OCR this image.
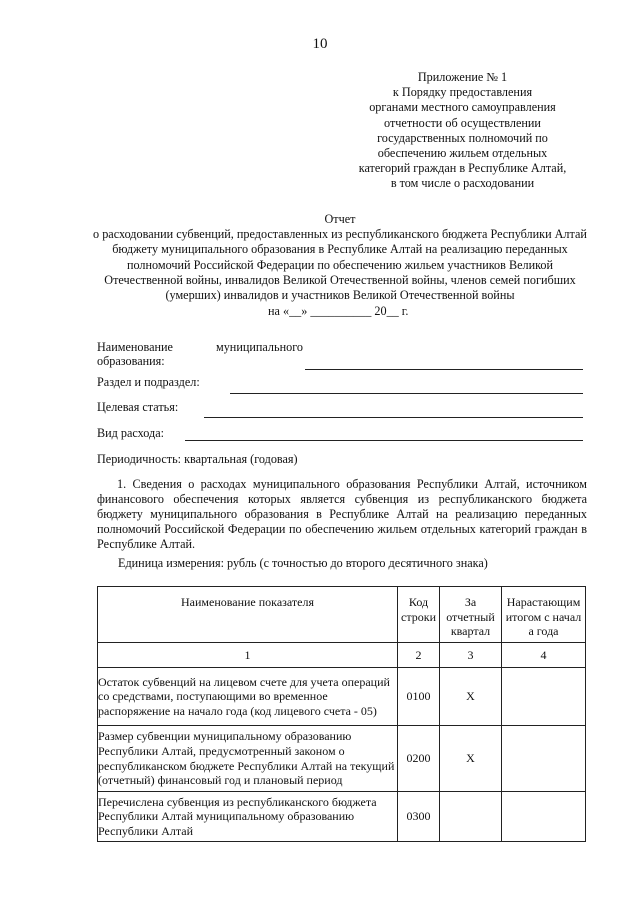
10
Приложение № 1
к Порядку предоставления
органами местного самоуправления
отчетности об осуществлении
государственных полномочий по
обеспечению жильем отдельных
категорий граждан в Республике Алтай,
в том числе о расходовании
Отчет
о расходовании субвенций, предоставленных из республиканского бюджета Республики Алтай бюджету муниципального образования в Республике Алтай на реализацию переданных полномочий Российской Федерации по обеспечению жильем участников Великой Отечественной войны, инвалидов Великой Отечественной войны, членов семей погибших (умерших) инвалидов и участников Великой Отечественной войны
на «__» __________ 20__ г.
Наименование
образования:
муниципального
Раздел и подраздел:
Целевая статья:
Вид расхода:
Периодичность: квартальная (годовая)
1. Сведения о расходах муниципального образования Республики Алтай, источником финансового обеспечения которых является субвенция из республиканского бюджета бюджету муниципального образования в Республике Алтай на реализацию переданных полномочий Российской Федерации по обеспечению жильем отдельных категорий граждан в Республике Алтай.
Единица измерения: рубль (с точностью до второго десятичного знака)
Наименование показателя	Код строки	За отчетный квартал	Нарастающим итогом с начала года
1	2	3	4
Остаток субвенций на лицевом счете для учета операций со средствами, поступающими во временное распоряжение на начало года (код лицевого счета - 05)	0100	X	
Размер субвенции муниципальному образованию Республики Алтай, предусмотренный законом о республиканском бюджете Республики Алтай на текущий (отчетный) финансовый год и плановый период	0200	X	
Перечислена субвенция из республиканского бюджета Республики Алтай муниципальному образованию Республики Алтай	0300		
